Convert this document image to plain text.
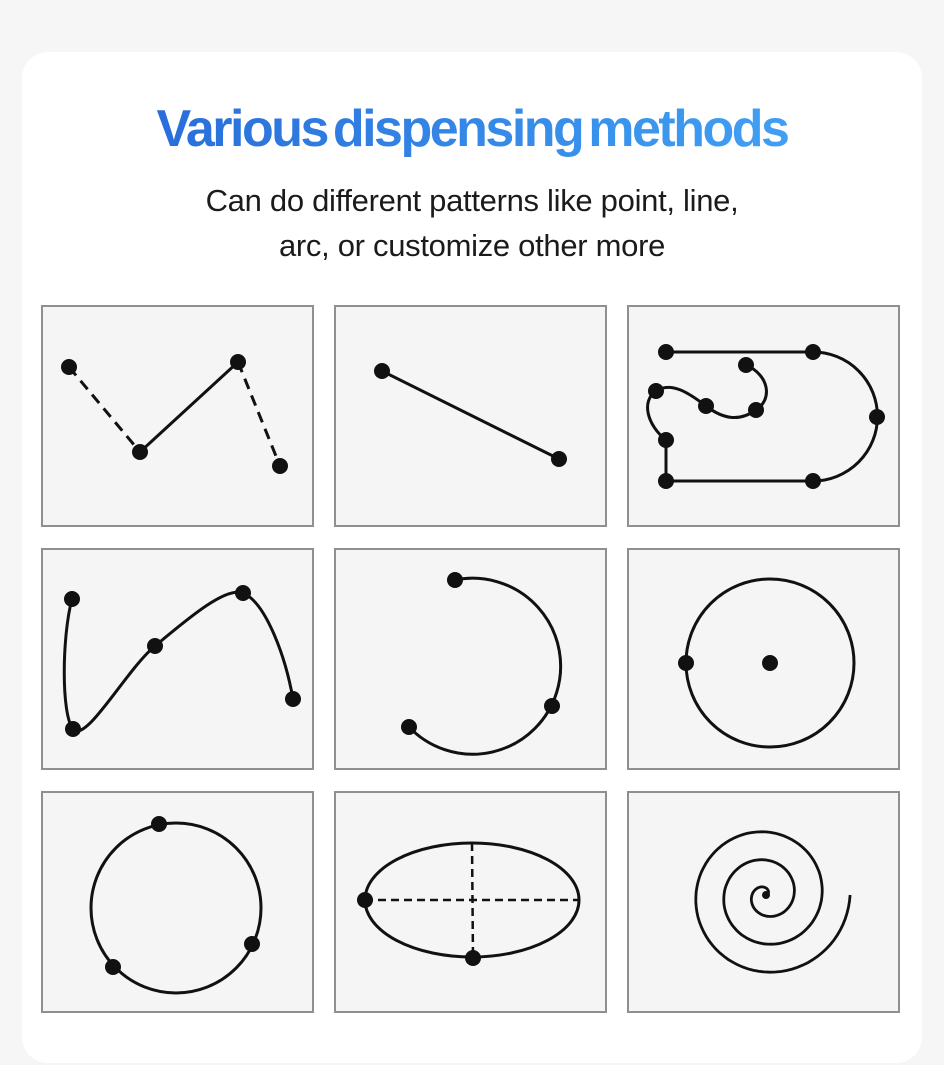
Various dispensing methods

Can do different patterns like point, line,
arc, or customize other more
